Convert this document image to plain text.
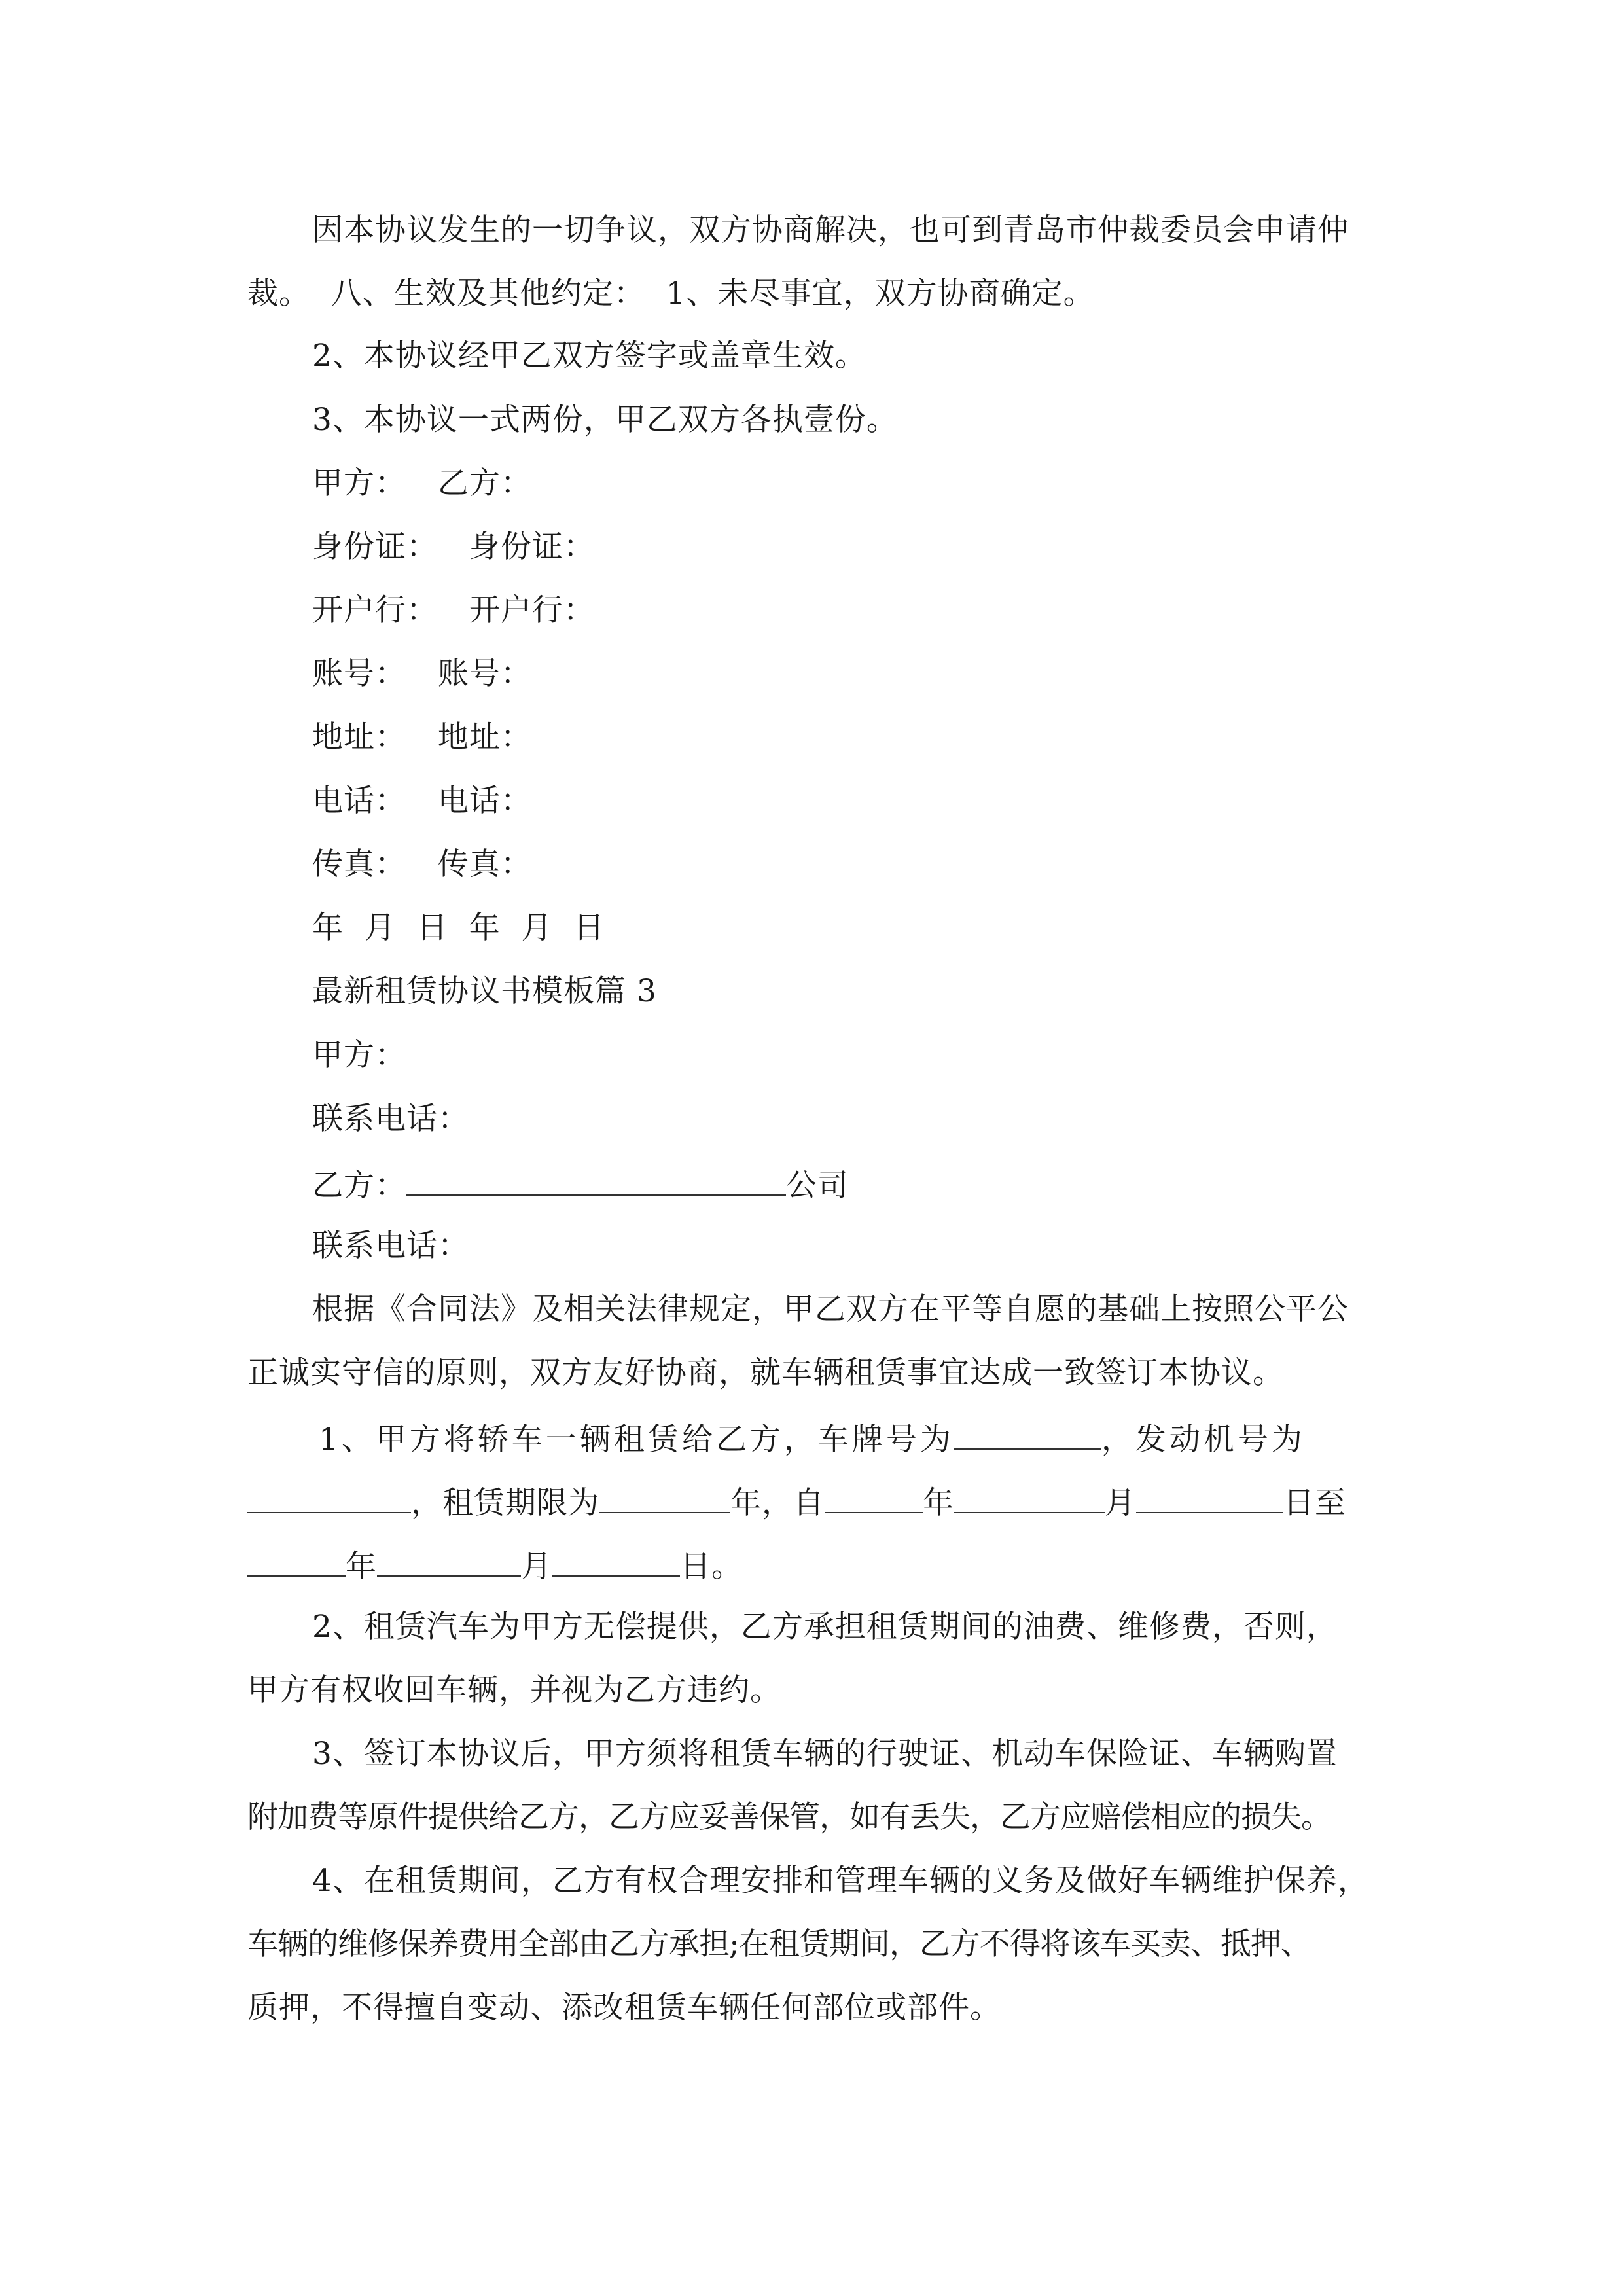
因本协议发生的一切争议，双方协商解决，也可到青岛市仲裁委员会申请仲
裁。  八、生效及其他约定：  1、未尽事宜，双方协商确定。
2、本协议经甲乙双方签字或盖章生效。
3、本协议一式两份，甲乙双方各执壹份。
甲方：   乙方：
身份证：   身份证：
开户行：   开户行：
账号：   账号：
地址：   地址：
电话：   电话：
传真：   传真：
年  月  日  年  月  日
最新租赁协议书模板篇 3
甲方：
联系电话：
乙方：	公司
联系电话：
根据《合同法》及相关法律规定，甲乙双方在平等自愿的基础上按照公平公
正诚实守信的原则，双方友好协商，就车辆租赁事宜达成一致签订本协议。
1、甲方将轿车一辆租赁给乙方，车牌号为	，发动机号为
，租赁期限为	年，自	年	月	日至
年	月	日。
2、租赁汽车为甲方无偿提供，乙方承担租赁期间的油费、维修费，否则，
甲方有权收回车辆，并视为乙方违约。
3、签订本协议后，甲方须将租赁车辆的行驶证、机动车保险证、车辆购置
附加费等原件提供给乙方，乙方应妥善保管，如有丢失，乙方应赔偿相应的损失。
4、在租赁期间，乙方有权合理安排和管理车辆的义务及做好车辆维护保养，
车辆的维修保养费用全部由乙方承担;在租赁期间，乙方不得将该车买卖、抵押、
质押，不得擅自变动、添改租赁车辆任何部位或部件。
